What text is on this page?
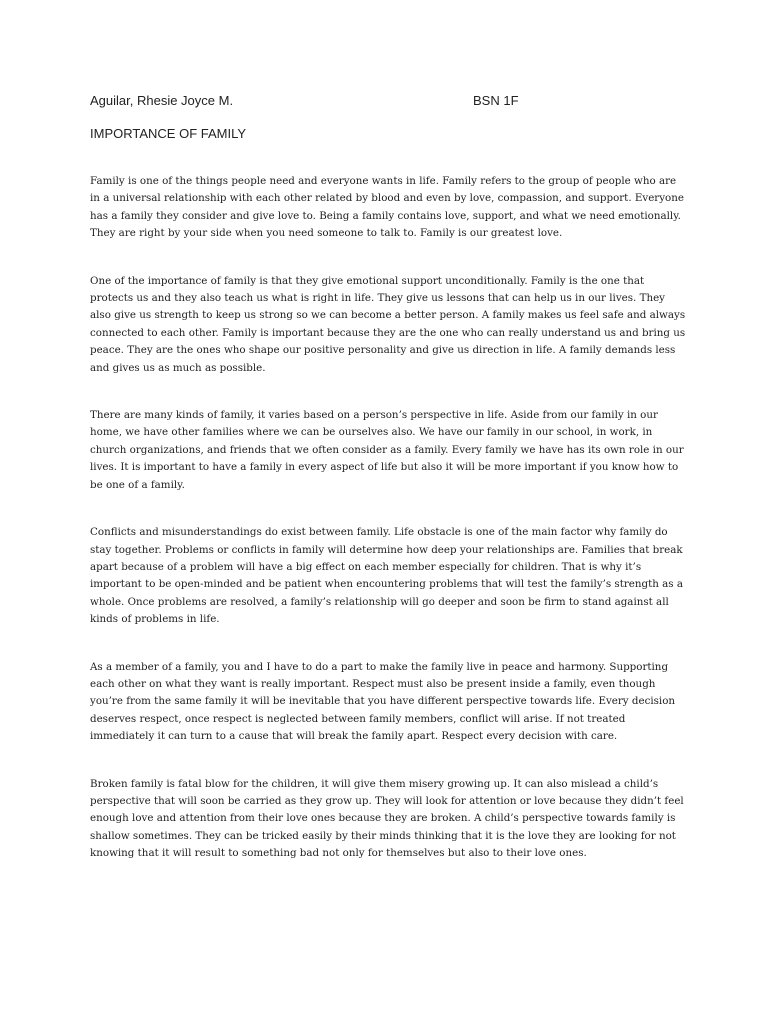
Aguilar, Rhesie Joyce M.	BSN 1F
IMPORTANCE OF FAMILY

Family is one of the things people need and everyone wants in life. Family refers to the group of people who are in a universal relationship with each other related by blood and even by love, compassion, and support. Everyone has a family they consider and give love to. Being a family contains love, support, and what we need emotionally. They are right by your side when you need someone to talk to. Family is our greatest love.

One of the importance of family is that they give emotional support unconditionally. Family is the one that protects us and they also teach us what is right in life. They give us lessons that can help us in our lives. They also give us strength to keep us strong so we can become a better person. A family makes us feel safe and always connected to each other. Family is important because they are the one who can really understand us and bring us peace. They are the ones who shape our positive personality and give us direction in life. A family demands less and gives us as much as possible.

There are many kinds of family, it varies based on a person’s perspective in life. Aside from our family in our home, we have other families where we can be ourselves also. We have our family in our school, in work, in church organizations, and friends that we often consider as a family. Every family we have has its own role in our lives. It is important to have a family in every aspect of life but also it will be more important if you know how to be one of a family.

Conflicts and misunderstandings do exist between family. Life obstacle is one of the main factor why family do stay together. Problems or conflicts in family will determine how deep your relationships are. Families that break apart because of a problem will have a big effect on each member especially for children. That is why it’s important to be open-minded and be patient when encountering problems that will test the family’s strength as a whole. Once problems are resolved, a family’s relationship will go deeper and soon be firm to stand against all kinds of problems in life.

As a member of a family, you and I have to do a part to make the family live in peace and harmony. Supporting each other on what they want is really important. Respect must also be present inside a family, even though you’re from the same family it will be inevitable that you have different perspective towards life. Every decision deserves respect, once respect is neglected between family members, conflict will arise. If not treated immediately it can turn to a cause that will break the family apart. Respect every decision with care.

Broken family is fatal blow for the children, it will give them misery growing up. It can also mislead a child’s perspective that will soon be carried as they grow up. They will look for attention or love because they didn’t feel enough love and attention from their love ones because they are broken. A child’s perspective towards family is shallow sometimes. They can be tricked easily by their minds thinking that it is the love they are looking for not knowing that it will result to something bad not only for themselves but also to their love ones.
